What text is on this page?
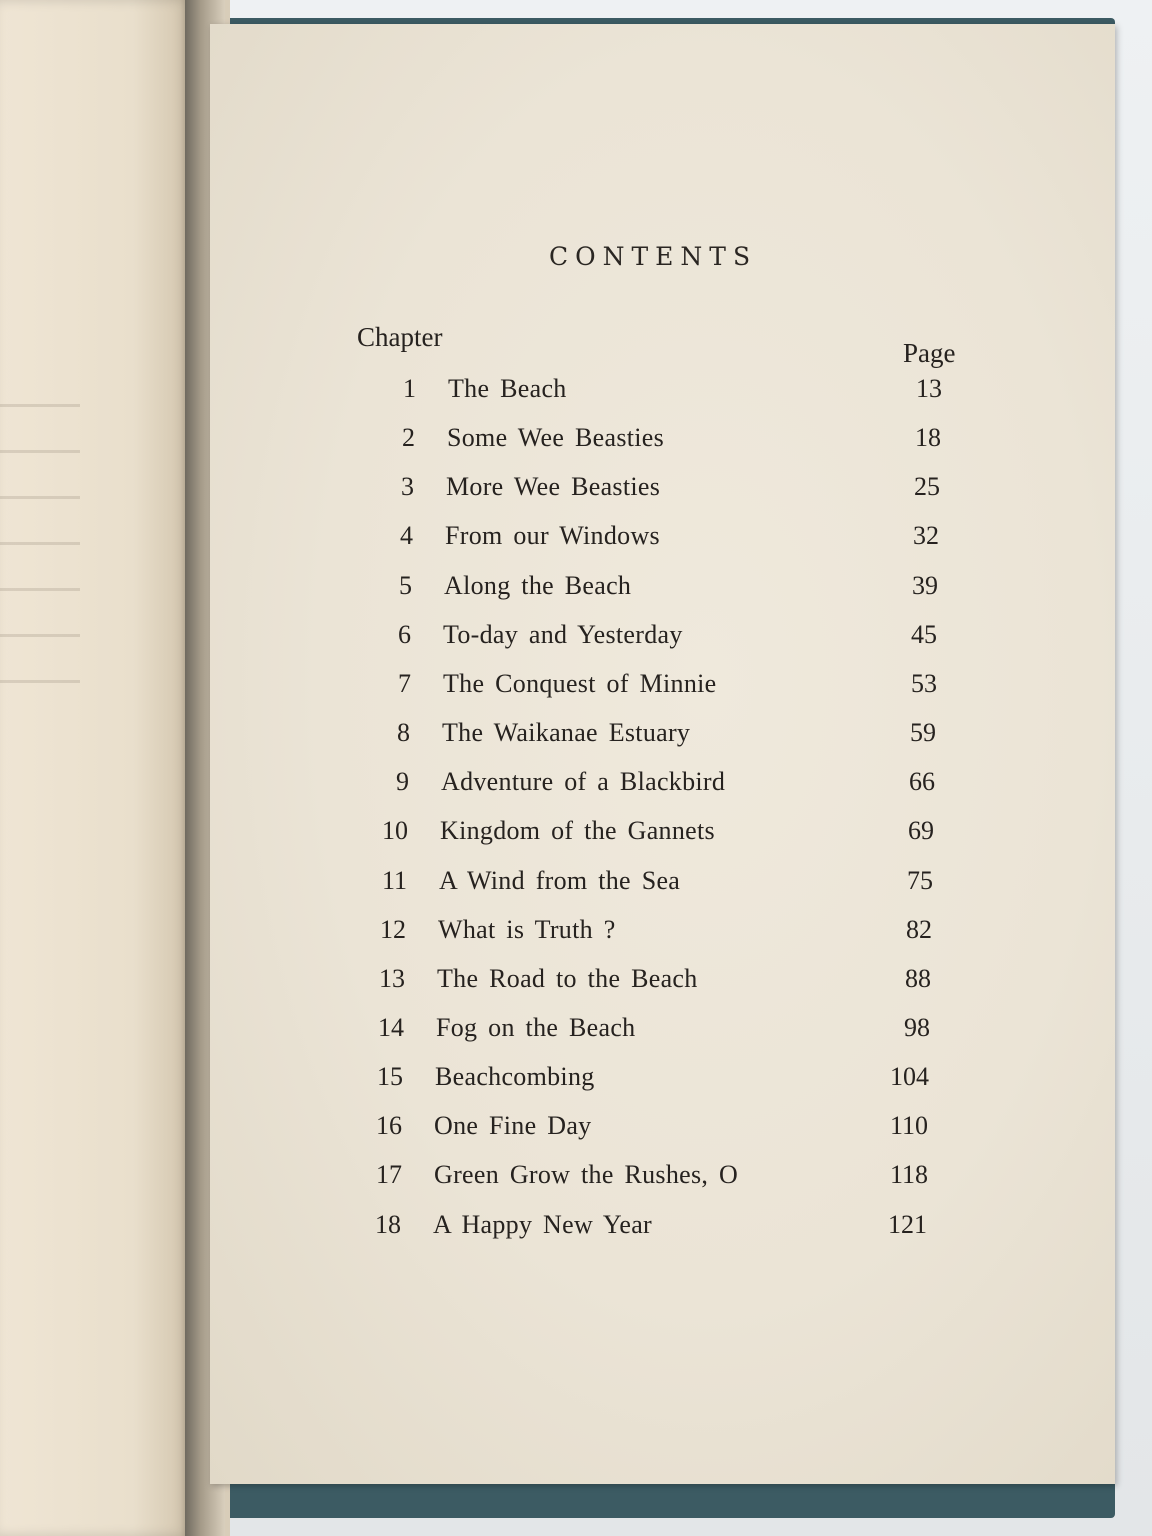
CONTENTS
Chapter
Page
1 The Beach	13
2 Some Wee Beasties	18
3 More Wee Beasties	25
4 From our Windows	32
5 Along the Beach	39
6 To-day and Yesterday	45
7 The Conquest of Minnie	53
8 The Waikanae Estuary	59
9 Adventure of a Blackbird	66
10 Kingdom of the Gannets	69
11 A Wind from the Sea	75
12 What is Truth ?	82
13 The Road to the Beach	88
14 Fog on the Beach	98
15 Beachcombing	104
16 One Fine Day	110
17 Green Grow the Rushes, O	118
18 A Happy New Year	121
